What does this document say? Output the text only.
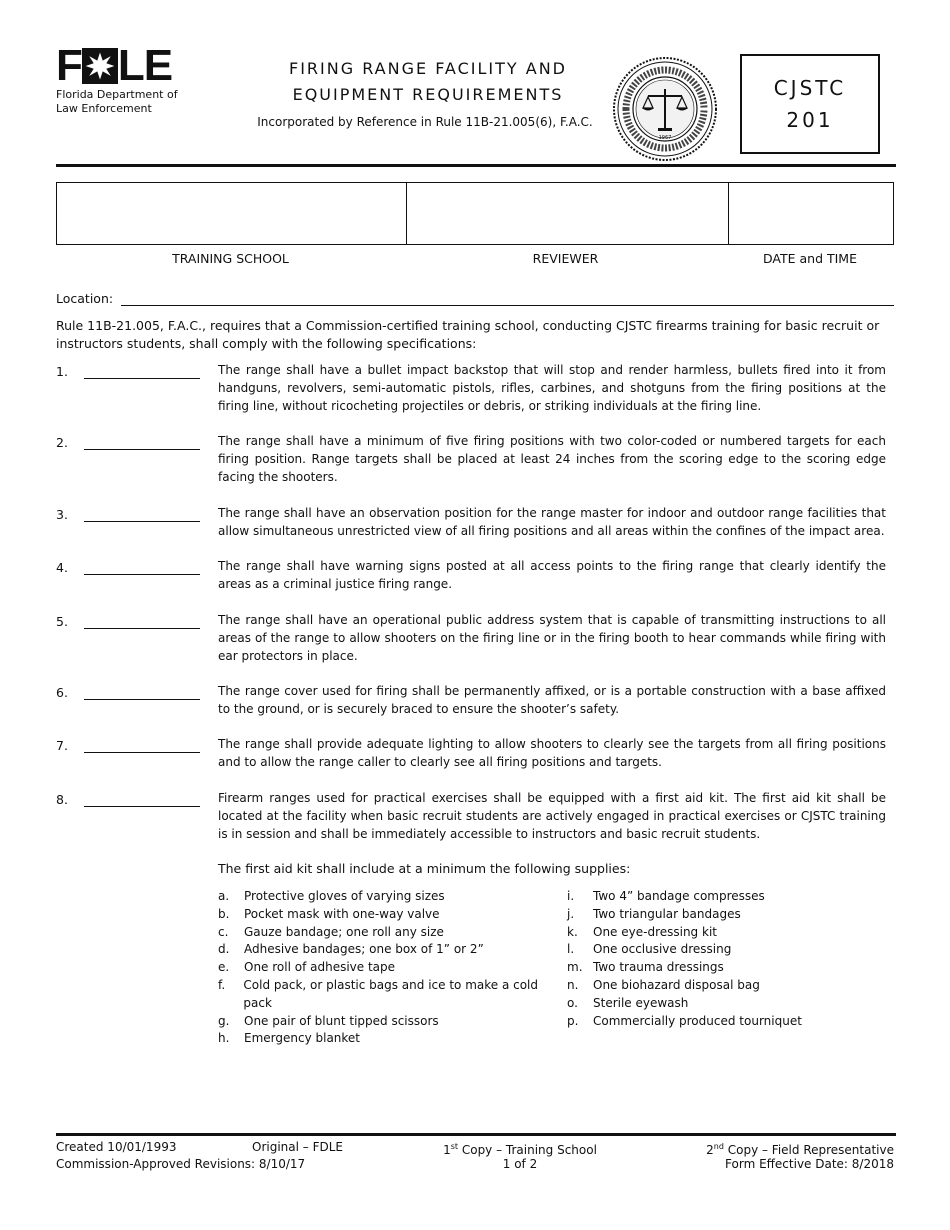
F LE
Florida Department of
Law Enforcement
FIRING RANGE FACILITY AND
EQUIPMENT REQUIREMENTS
Incorporated by Reference in Rule 11B-21.005(6), F.A.C.
1967
CJSTC
201
TRAINING SCHOOL	REVIEWER	DATE and TIME
Location:
Rule 11B-21.005, F.A.C., requires that a Commission-certified training school, conducting CJSTC firearms training for basic recruit or instructors students, shall comply with the following specifications:
1.	The range shall have a bullet impact backstop that will stop and render harmless, bullets fired into it from handguns, revolvers, semi-automatic pistols, rifles, carbines, and shotguns from the firing positions at the firing line, without ricocheting projectiles or debris, or striking individuals at the firing line.
2.	The range shall have a minimum of five firing positions with two color-coded or numbered targets for each firing position. Range targets shall be placed at least 24 inches from the scoring edge to the scoring edge facing the shooters.
3.	The range shall have an observation position for the range master for indoor and outdoor range facilities that allow simultaneous unrestricted view of all firing positions and all areas within the confines of the impact area.
4.	The range shall have warning signs posted at all access points to the firing range that clearly identify the areas as a criminal justice firing range.
5.	The range shall have an operational public address system that is capable of transmitting instructions to all areas of the range to allow shooters on the firing line or in the firing booth to hear commands while firing with ear protectors in place.
6.	The range cover used for firing shall be permanently affixed, or is a portable construction with a base affixed to the ground, or is securely braced to ensure the shooter’s safety.
7.	The range shall provide adequate lighting to allow shooters to clearly see the targets from all firing positions and to allow the range caller to clearly see all firing positions and targets.
8.	Firearm ranges used for practical exercises shall be equipped with a first aid kit. The first aid kit shall be located at the facility when basic recruit students are actively engaged in practical exercises or CJSTC training is in session and shall be immediately accessible to instructors and basic recruit students.
The first aid kit shall include at a minimum the following supplies:
a.	Protective gloves of varying sizes
b.	Pocket mask with one-way valve
c.	Gauze bandage; one roll any size
d.	Adhesive bandages; one box of 1” or 2”
e.	One roll of adhesive tape
f.	Cold pack, or plastic bags and ice to make a cold pack
g.	One pair of blunt tipped scissors
h.	Emergency blanket
i.	Two 4” bandage compresses
j.	Two triangular bandages
k.	One eye-dressing kit
l.	One occlusive dressing
m. Two trauma dressings
n.	One biohazard disposal bag
o.	Sterile eyewash
p.	Commercially produced tourniquet
Created 10/01/1993
Commission-Approved Revisions: 8/10/17
Original – FDLE	1st Copy – Training School
1 of 2
2nd Copy – Field Representative
Form Effective Date: 8/2018
